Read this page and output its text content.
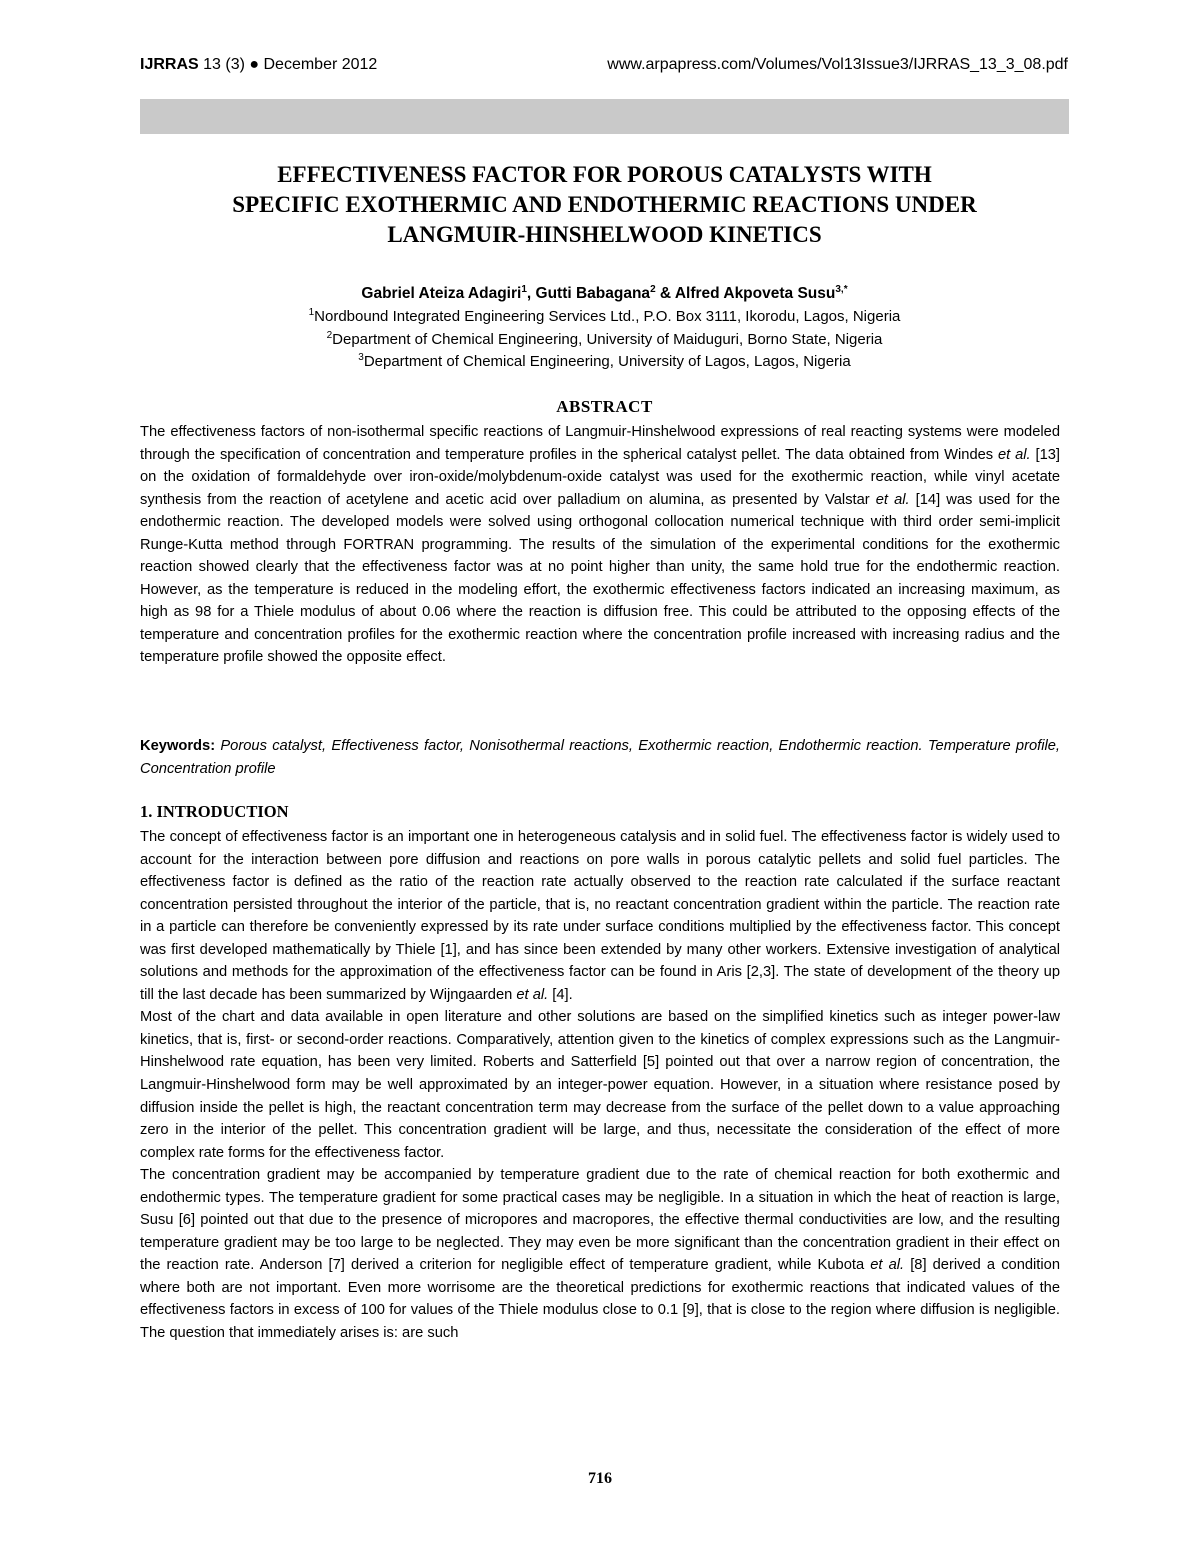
IJRRAS 13 (3) ● December 2012	www.arpapress.com/Volumes/Vol13Issue3/IJRRAS_13_3_08.pdf
EFFECTIVENESS FACTOR FOR POROUS CATALYSTS WITH
SPECIFIC EXOTHERMIC AND ENDOTHERMIC REACTIONS UNDER
LANGMUIR-HINSHELWOOD KINETICS
Gabriel Ateiza Adagiri$^1$, Gutti Babagana$^2$ & Alfred Akpoveta Susu$^{3,*}$
$^1$Nordbound Integrated Engineering Services Ltd., P.O. Box 3111, Ikorodu, Lagos, Nigeria
$^2$Department of Chemical Engineering, University of Maiduguri, Borno State, Nigeria
$^3$Department of Chemical Engineering, University of Lagos, Lagos, Nigeria
ABSTRACT
The effectiveness factors of non-isothermal specific reactions of Langmuir-Hinshelwood expressions of real reacting systems were modeled through the specification of concentration and temperature profiles in the spherical catalyst pellet. The data obtained from Windes et al. [13] on the oxidation of formaldehyde over iron-oxide/molybdenum-oxide catalyst was used for the exothermic reaction, while vinyl acetate synthesis from the reaction of acetylene and acetic acid over palladium on alumina, as presented by Valstar et al. [14] was used for the endothermic reaction. The developed models were solved using orthogonal collocation numerical technique with third order semi-implicit Runge-Kutta method through FORTRAN programming. The results of the simulation of the experimental conditions for the exothermic reaction showed clearly that the effectiveness factor was at no point higher than unity, the same hold true for the endothermic reaction. However, as the temperature is reduced in the modeling effort, the exothermic effectiveness factors indicated an increasing maximum, as high as 98 for a Thiele modulus of about 0.06 where the reaction is diffusion free. This could be attributed to the opposing effects of the temperature and concentration profiles for the exothermic reaction where the concentration profile increased with increasing radius and the temperature profile showed the opposite effect.
Keywords: Porous catalyst, Effectiveness factor, Nonisothermal reactions, Exothermic reaction, Endothermic reaction. Temperature profile, Concentration profile
1. INTRODUCTION

The concept of effectiveness factor is an important one in heterogeneous catalysis and in solid fuel. The effectiveness factor is widely used to account for the interaction between pore diffusion and reactions on pore walls in porous catalytic pellets and solid fuel particles. The effectiveness factor is defined as the ratio of the reaction rate actually observed to the reaction rate calculated if the surface reactant concentration persisted throughout the interior of the particle, that is, no reactant concentration gradient within the particle. The reaction rate in a particle can therefore be conveniently expressed by its rate under surface conditions multiplied by the effectiveness factor. This concept was first developed mathematically by Thiele [1], and has since been extended by many other workers. Extensive investigation of analytical solutions and methods for the approximation of the effectiveness factor can be found in Aris [2,3]. The state of development of the theory up till the last decade has been summarized by Wijngaarden et al. [4].

Most of the chart and data available in open literature and other solutions are based on the simplified kinetics such as integer power-law kinetics, that is, first- or second-order reactions. Comparatively, attention given to the kinetics of complex expressions such as the Langmuir-Hinshelwood rate equation, has been very limited. Roberts and Satterfield [5] pointed out that over a narrow region of concentration, the Langmuir-Hinshelwood form may be well approximated by an integer-power equation. However, in a situation where resistance posed by diffusion inside the pellet is high, the reactant concentration term may decrease from the surface of the pellet down to a value approaching zero in the interior of the pellet. This concentration gradient will be large, and thus, necessitate the consideration of the effect of more complex rate forms for the effectiveness factor.

The concentration gradient may be accompanied by temperature gradient due to the rate of chemical reaction for both exothermic and endothermic types. The temperature gradient for some practical cases may be negligible. In a situation in which the heat of reaction is large, Susu [6] pointed out that due to the presence of micropores and macropores, the effective thermal conductivities are low, and the resulting temperature gradient may be too large to be neglected. They may even be more significant than the concentration gradient in their effect on the reaction rate. Anderson [7] derived a criterion for negligible effect of temperature gradient, while Kubota et al. [8] derived a condition where both are not important. Even more worrisome are the theoretical predictions for exothermic reactions that indicated values of the effectiveness factors in excess of 100 for values of the Thiele modulus close to 0.1 [9], that is close to the region where diffusion is negligible. The question that immediately arises is: are such

716
